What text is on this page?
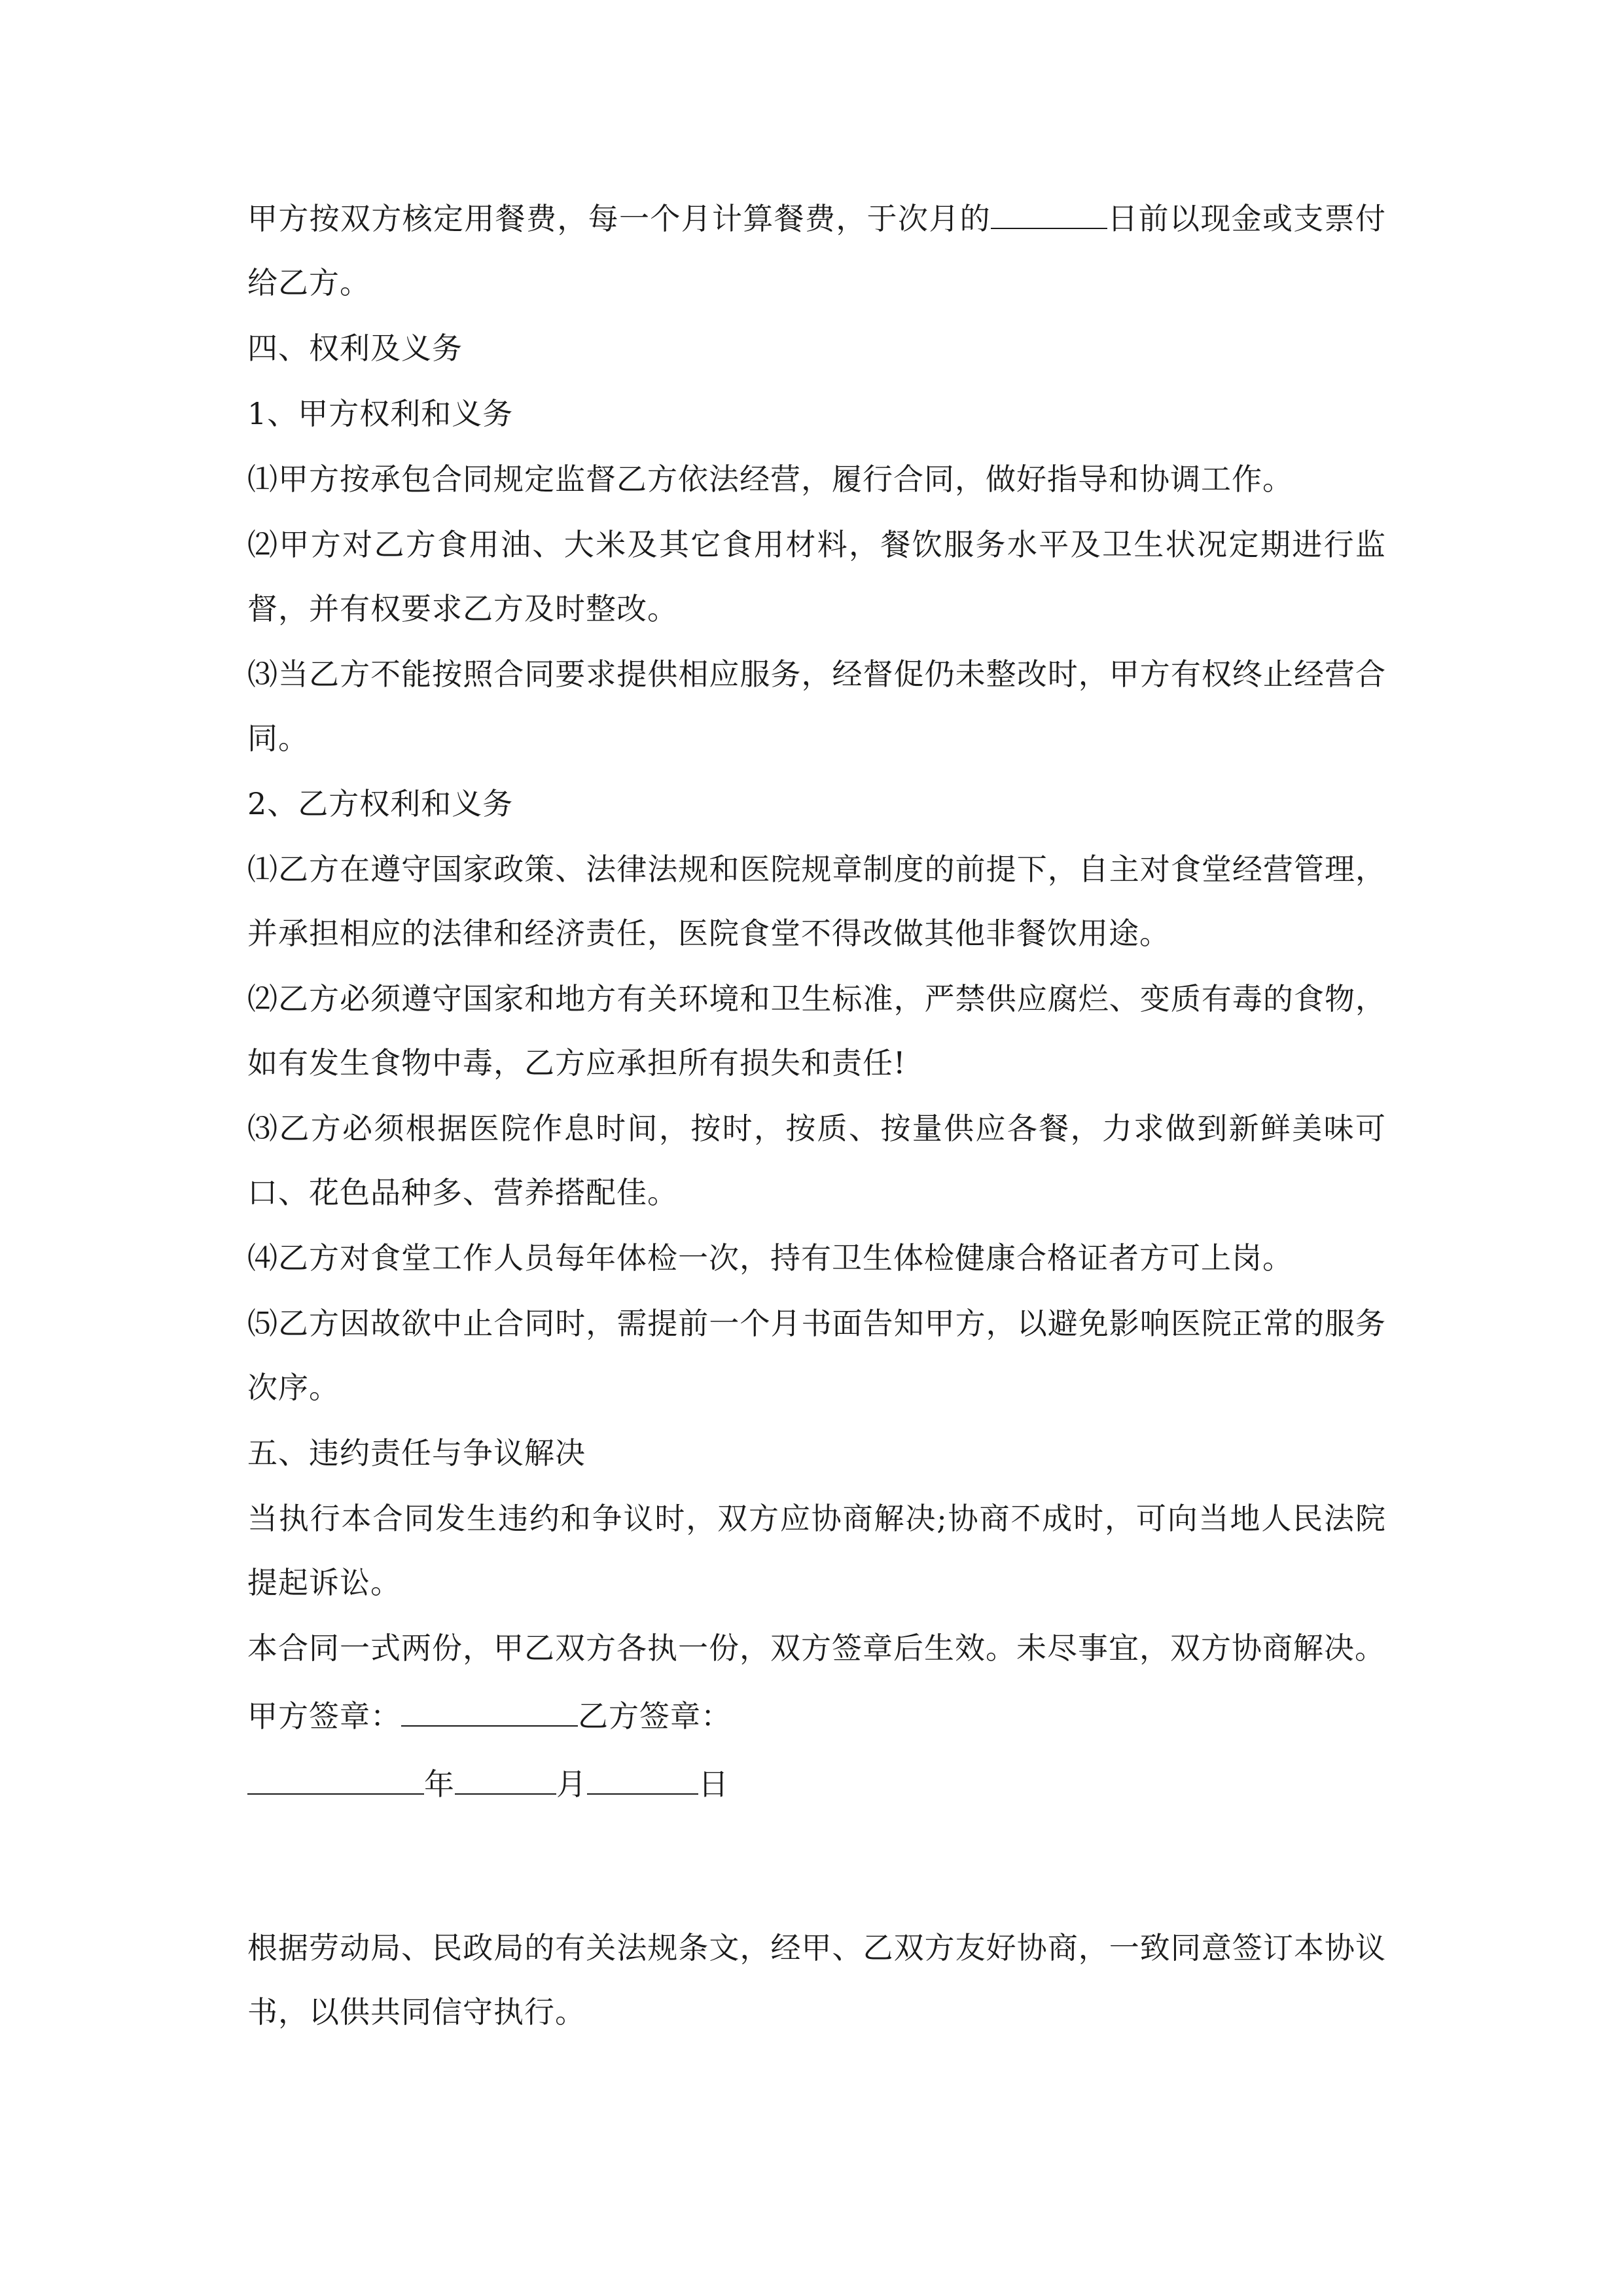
甲方按双方核定用餐费，每一个月计算餐费，于次月的	日前以现金或支票付给乙方。

四、权利及义务

1、甲方权利和义务

⑴甲方按承包合同规定监督乙方依法经营，履行合同，做好指导和协调工作。

⑵甲方对乙方食用油、大米及其它食用材料，餐饮服务水平及卫生状况定期进行监督，并有权要求乙方及时整改。

⑶当乙方不能按照合同要求提供相应服务，经督促仍未整改时，甲方有权终止经营合同。

2、乙方权利和义务

⑴乙方在遵守国家政策、法律法规和医院规章制度的前提下，自主对食堂经营管理，并承担相应的法律和经济责任，医院食堂不得改做其他非餐饮用途。

⑵乙方必须遵守国家和地方有关环境和卫生标准，严禁供应腐烂、变质有毒的食物，如有发生食物中毒，乙方应承担所有损失和责任!

⑶乙方必须根据医院作息时间，按时，按质、按量供应各餐，力求做到新鲜美味可口、花色品种多、营养搭配佳。

⑷乙方对食堂工作人员每年体检一次，持有卫生体检健康合格证者方可上岗。

⑸乙方因故欲中止合同时，需提前一个月书面告知甲方，以避免影响医院正常的服务次序。

五、违约责任与争议解决

当执行本合同发生违约和争议时，双方应协商解决;协商不成时，可向当地人民法院提起诉讼。

本合同一式两份，甲乙双方各执一份，双方签章后生效。未尽事宜，双方协商解决。

甲方签章：	乙方签章：

年	月	日

根据劳动局、民政局的有关法规条文，经甲、乙双方友好协商，一致同意签订本协议书，以供共同信守执行。
